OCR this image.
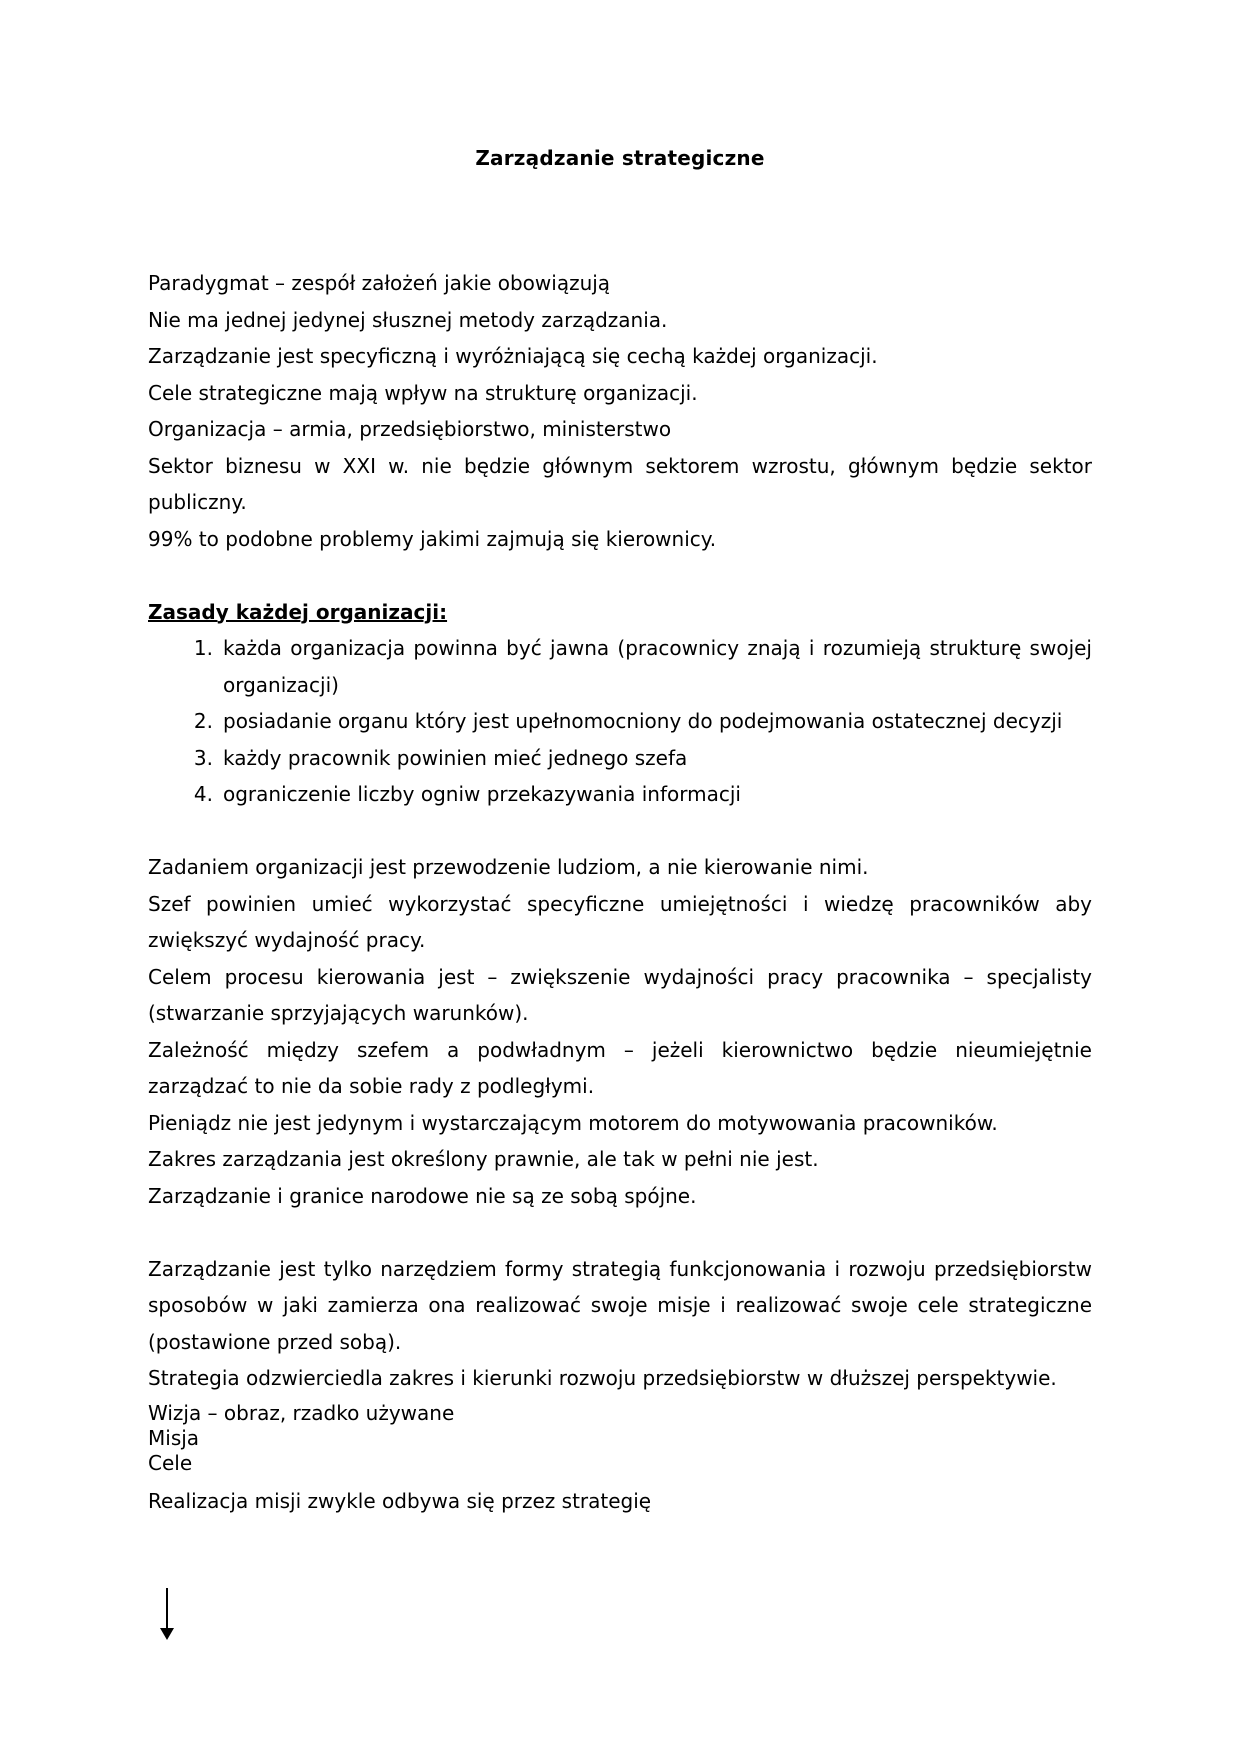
Zarządzanie strategiczne

Paradygmat – zespół założeń jakie obowiązują

Nie ma jednej jedynej słusznej metody zarządzania.

Zarządzanie jest specyficzną i wyróżniającą się cechą każdej organizacji.

Cele strategiczne mają wpływ na strukturę organizacji.

Organizacja – armia, przedsiębiorstwo, ministerstwo

Sektor biznesu w XXI w. nie będzie głównym sektorem wzrostu, głównym będzie sektor publiczny.

99% to podobne problemy jakimi zajmują się kierownicy.

Zasady każdej organizacji:

1. każda organizacja powinna być jawna (pracownicy znają i rozumieją strukturę swojej organizacji)
2. posiadanie organu który jest upełnomocniony do podejmowania ostatecznej decyzji
3. każdy pracownik powinien mieć jednego szefa
4. ograniczenie liczby ogniw przekazywania informacji

Zadaniem organizacji jest przewodzenie ludziom, a nie kierowanie nimi.

Szef powinien umieć wykorzystać specyficzne umiejętności i wiedzę pracowników aby zwiększyć wydajność pracy.

Celem procesu kierowania jest – zwiększenie wydajności pracy pracownika – specjalisty (stwarzanie sprzyjających warunków).

Zależność między szefem a podwładnym – jeżeli kierownictwo będzie nieumiejętnie zarządzać to nie da sobie rady z podległymi.

Pieniądz nie jest jedynym i wystarczającym motorem do motywowania pracowników.

Zakres zarządzania jest określony prawnie, ale tak w pełni nie jest.

Zarządzanie i granice narodowe nie są ze sobą spójne.

Zarządzanie jest tylko narzędziem formy strategią funkcjonowania i rozwoju przedsiębiorstw sposobów w jaki zamierza ona realizować swoje misje i realizować swoje cele strategiczne (postawione przed sobą).

Strategia odzwierciedla zakres i kierunki rozwoju przedsiębiorstw w dłuższej perspektywie.

Wizja – obraz, rzadko używane

Misja

Cele

Realizacja misji zwykle odbywa się przez strategię
